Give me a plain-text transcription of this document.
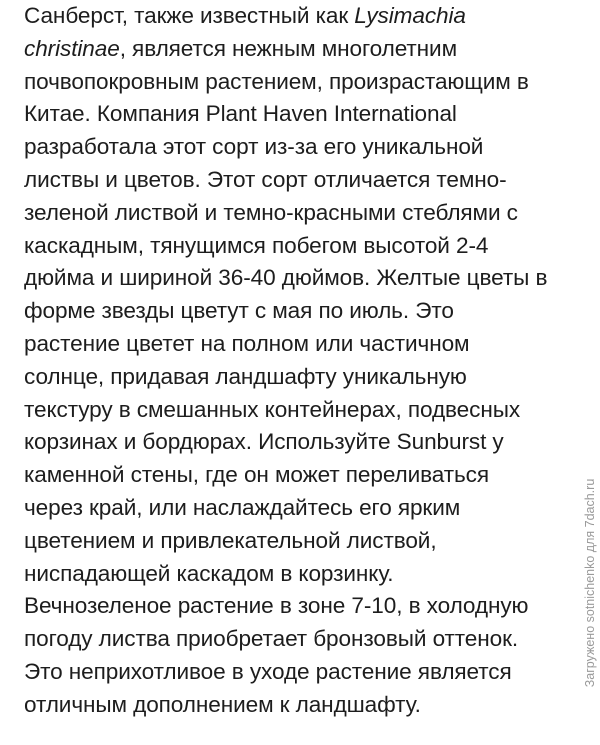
Санберст, также известный как Lysimachia
christinae, является нежным многолетним
почвопокровным растением, произрастающим в
Китае. Компания Plant Haven International
разработала этот сорт из-за его уникальной
листвы и цветов. Этот сорт отличается темно-
зеленой листвой и темно-красными стеблями с
каскадным, тянущимся побегом высотой 2-4
дюйма и шириной 36-40 дюймов. Желтые цветы в
форме звезды цветут с мая по июль. Это
растение цветет на полном или частичном
солнце, придавая ландшафту уникальную
текстуру в смешанных контейнерах, подвесных
корзинах и бордюрах. Используйте Sunburst у
каменной стены, где он может переливаться
через край, или наслаждайтесь его ярким
цветением и привлекательной листвой,
ниспадающей каскадом в корзинку.
Вечнозеленое растение в зоне 7-10, в холодную
погоду листва приобретает бронзовый оттенок.
Это неприхотливое в уходе растение является
отличным дополнением к ландшафту.

Загружено sotnichenko для 7dach.ru
